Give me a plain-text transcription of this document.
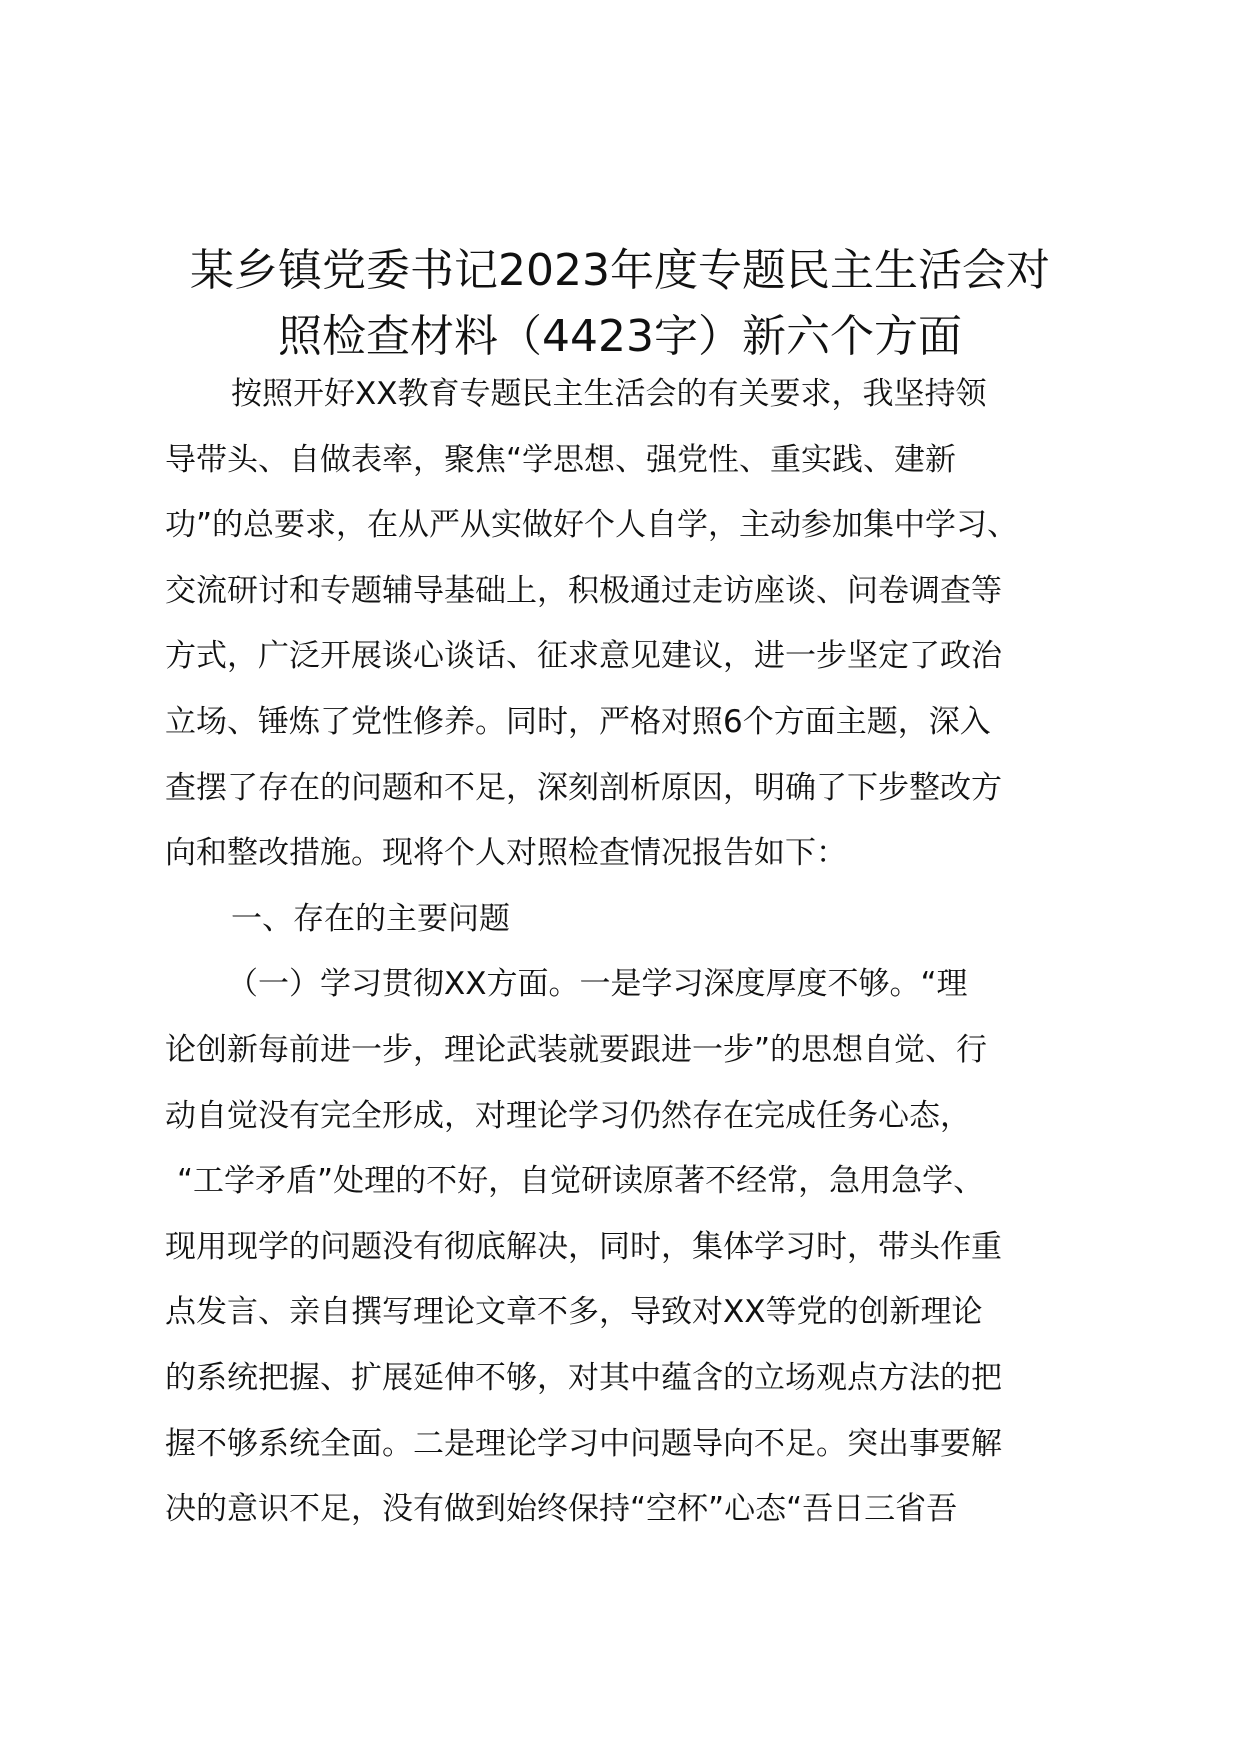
某乡镇党委书记2023年度专题民主生活会对
照检查材料（4423字）新六个方面
按照开好XX教育专题民主生活会的有关要求，我坚持领
导带头、自做表率，聚焦“学思想、强党性、重实践、建新
功”的总要求，在从严从实做好个人自学，主动参加集中学习、
交流研讨和专题辅导基础上，积极通过走访座谈、问卷调查等
方式，广泛开展谈心谈话、征求意见建议，进一步坚定了政治
立场、锤炼了党性修养。同时，严格对照6个方面主题，深入
查摆了存在的问题和不足，深刻剖析原因，明确了下步整改方
向和整改措施。现将个人对照检查情况报告如下：
一、存在的主要问题
（一）学习贯彻XX方面。一是学习深度厚度不够。“理
论创新每前进一步，理论武装就要跟进一步”的思想自觉、行
动自觉没有完全形成，对理论学习仍然存在完成任务心态，
“工学矛盾”处理的不好，自觉研读原著不经常，急用急学、
现用现学的问题没有彻底解决，同时，集体学习时，带头作重
点发言、亲自撰写理论文章不多，导致对XX等党的创新理论
的系统把握、扩展延伸不够，对其中蕴含的立场观点方法的把
握不够系统全面。二是理论学习中问题导向不足。突出事要解
决的意识不足，没有做到始终保持“空杯”心态“吾日三省吾
